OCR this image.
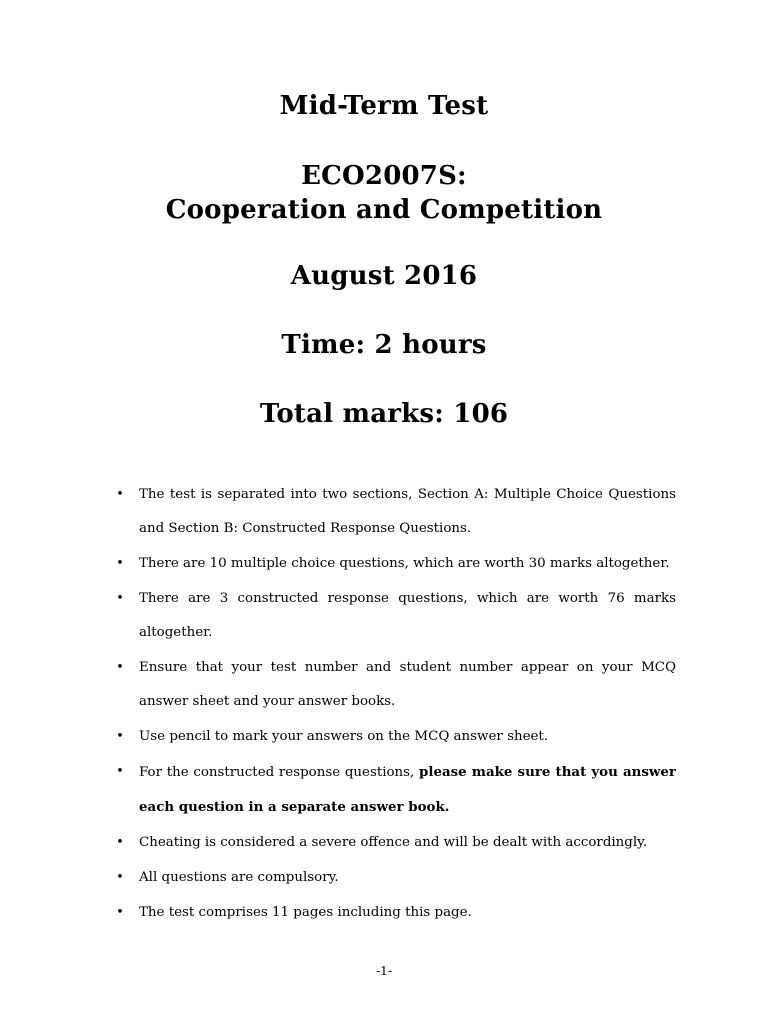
Mid-Term Test
ECO2007S:
Cooperation and Competition
August 2016
Time: 2 hours
Total marks: 106
• The test is separated into two sections, Section A: Multiple Choice Questions and Section B: Constructed Response Questions.
• There are 10 multiple choice questions, which are worth 30 marks altogether.
• There are 3 constructed response questions, which are worth 76 marks altogether.
• Ensure that your test number and student number appear on your MCQ answer sheet and your answer books.
• Use pencil to mark your answers on the MCQ answer sheet.
• For the constructed response questions, please make sure that you answer each question in a separate answer book.
• Cheating is considered a severe offence and will be dealt with accordingly.
• All questions are compulsory.
• The test comprises 11 pages including this page.
-1-
